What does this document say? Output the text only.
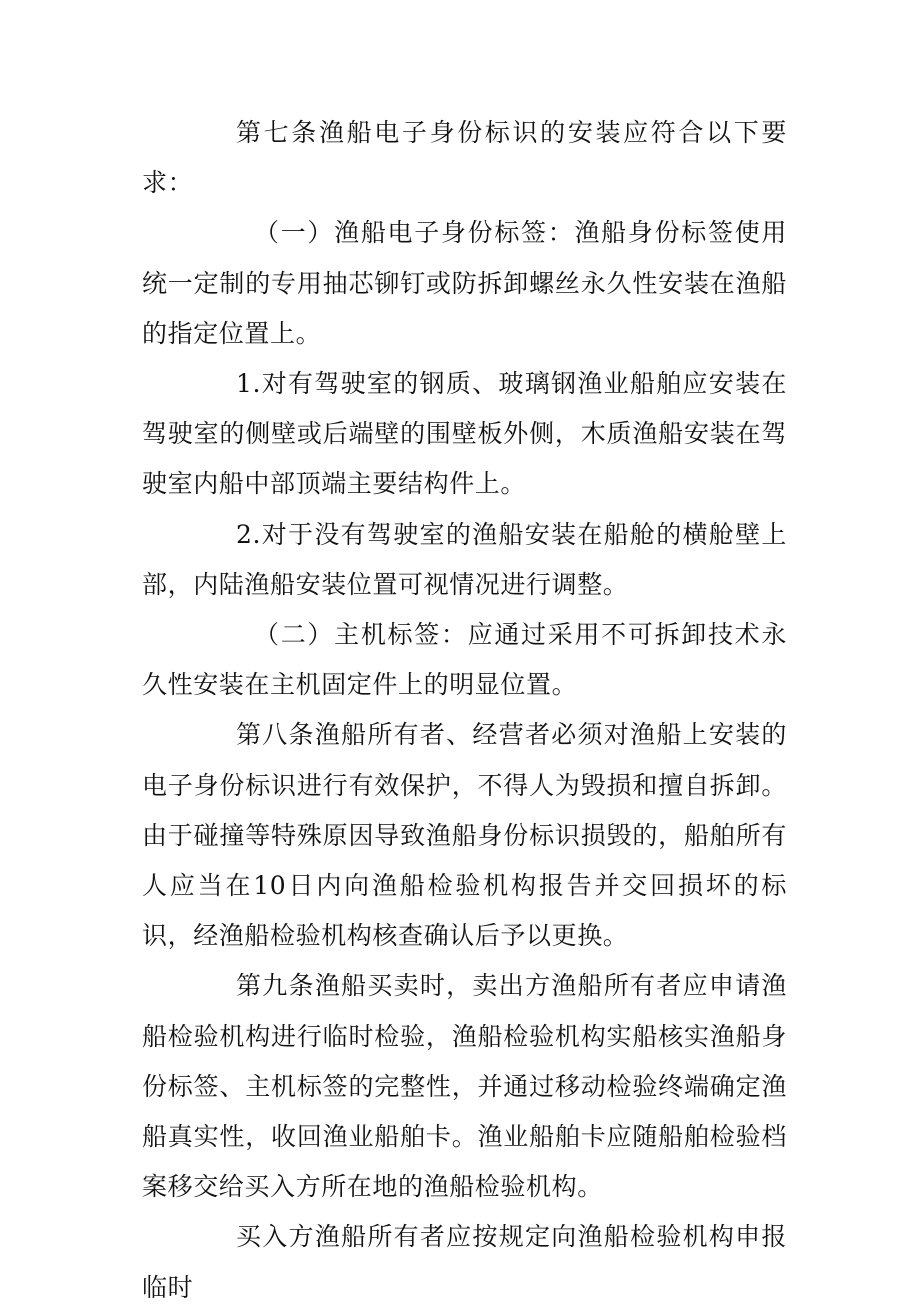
第七条渔船电子身份标识的安装应符合以下要求：

（一）渔船电子身份标签：渔船身份标签使用统一定制的专用抽芯铆钉或防拆卸螺丝永久性安装在渔船的指定位置上。

1.对有驾驶室的钢质、玻璃钢渔业船舶应安装在驾驶室的侧壁或后端壁的围壁板外侧，木质渔船安装在驾驶室内船中部顶端主要结构件上。

2.对于没有驾驶室的渔船安装在船舱的横舱壁上部，内陆渔船安装位置可视情况进行调整。

（二）主机标签：应通过采用不可拆卸技术永久性安装在主机固定件上的明显位置。

第八条渔船所有者、经营者必须对渔船上安装的电子身份标识进行有效保护，不得人为毁损和擅自拆卸。由于碰撞等特殊原因导致渔船身份标识损毁的，船舶所有人应当在10日内向渔船检验机构报告并交回损坏的标识，经渔船检验机构核查确认后予以更换。

第九条渔船买卖时，卖出方渔船所有者应申请渔船检验机构进行临时检验，渔船检验机构实船核实渔船身份标签、主机标签的完整性，并通过移动检验终端确定渔船真实性，收回渔业船舶卡。渔业船舶卡应随船舶检验档案移交给买入方所在地的渔船检验机构。

买入方渔船所有者应按规定向渔船检验机构申报临时
